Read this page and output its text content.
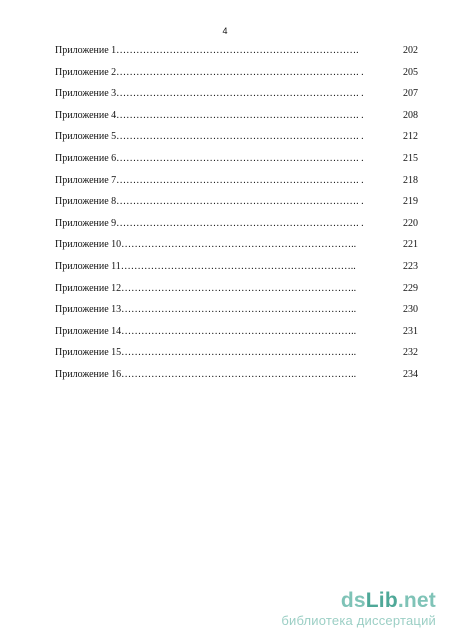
4
Приложение 1……………………………………………………………….	202
Приложение 2………………………………………………………………. .	205
Приложение 3………………………………………………………………. .	207
Приложение 4………………………………………………………………. .	208
Приложение 5………………………………………………………………. .	212
Приложение 6………………………………………………………………. .	215
Приложение 7………………………………………………………………. .	218
Приложение 8………………………………………………………………. .	219
Приложение 9………………………………………………………………. .	220
Приложение 10……………………………………………………………..	221
Приложение 11……………………………………………………………..	223
Приложение 12……………………………………………………………..	229
Приложение 13……………………………………………………………..	230
Приложение 14……………………………………………………………..	231
Приложение 15……………………………………………………………..	232
Приложение 16……………………………………………………………..	234
dsLib.net
библиотека диссертаций
